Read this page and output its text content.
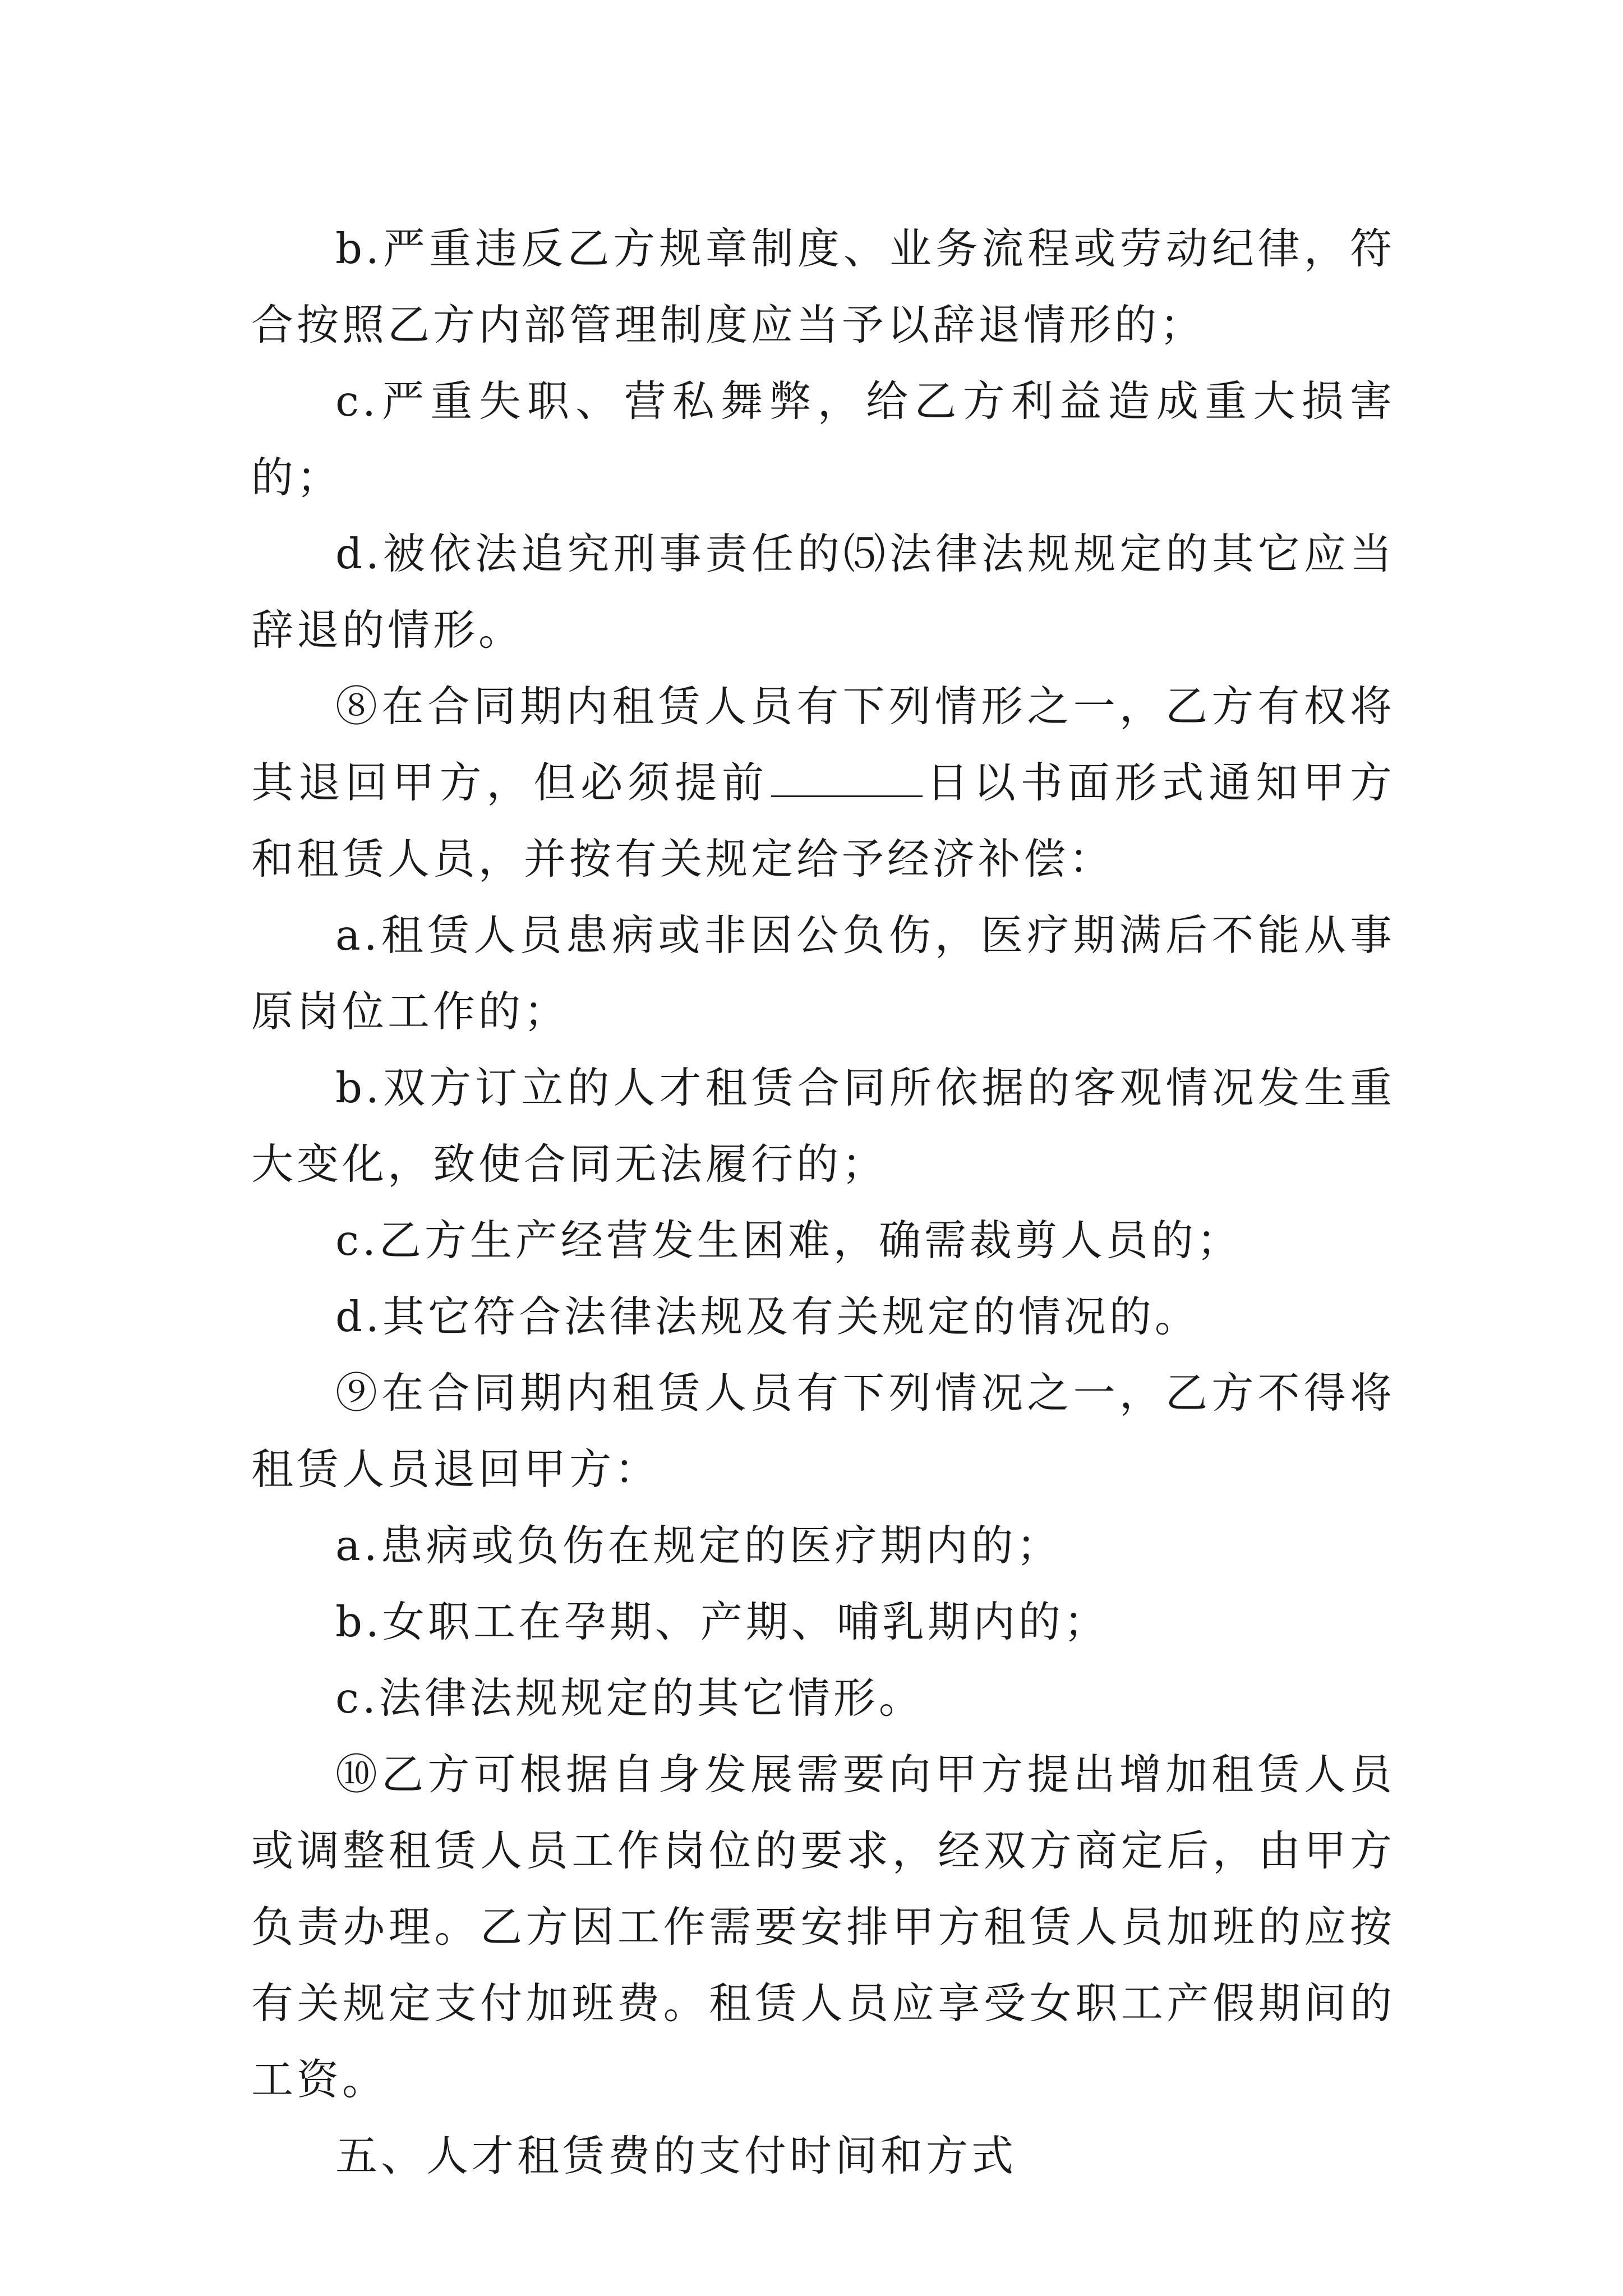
b.严重违反乙方规章制度、业务流程或劳动纪律，符合按照乙方内部管理制度应当予以辞退情形的；

c.严重失职、营私舞弊，给乙方利益造成重大损害的；

d.被依法追究刑事责任的⑸法律法规规定的其它应当辞退的情形。

⑧在合同期内租赁人员有下列情形之一，乙方有权将其退回甲方，但必须提前	日以书面形式通知甲方和租赁人员，并按有关规定给予经济补偿：

a.租赁人员患病或非因公负伤，医疗期满后不能从事原岗位工作的；

b.双方订立的人才租赁合同所依据的客观情况发生重大变化，致使合同无法履行的；

c.乙方生产经营发生困难，确需裁剪人员的；

d.其它符合法律法规及有关规定的情况的。

⑨在合同期内租赁人员有下列情况之一，乙方不得将租赁人员退回甲方：

a.患病或负伤在规定的医疗期内的；

b.女职工在孕期、产期、哺乳期内的；

c.法律法规规定的其它情形。

⑩乙方可根据自身发展需要向甲方提出增加租赁人员或调整租赁人员工作岗位的要求，经双方商定后，由甲方负责办理。乙方因工作需要安排甲方租赁人员加班的应按有关规定支付加班费。租赁人员应享受女职工产假期间的工资。

五、人才租赁费的支付时间和方式
